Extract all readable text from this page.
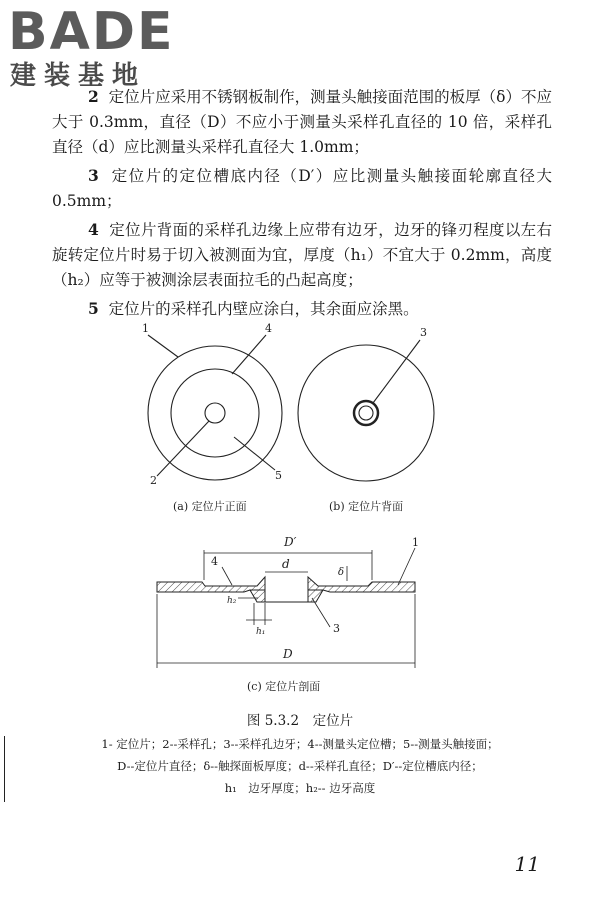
BADE
建装基地

2 定位片应采用不锈钢板制作，测量头触接面范围的板厚（δ）不应大于 0.3mm，直径（D）不应小于测量头采样孔直径的 10 倍，采样孔直径（d）应比测量头采样孔直径大 1.0mm；

3 定位片的定位槽底内径（D′）应比测量头触接面轮廓直径大 0.5mm；

4 定位片背面的采样孔边缘上应带有边牙，边牙的锋刃程度以左右旋转定位片时易于切入被测面为宜，厚度（h₁）不宜大于 0.2mm，高度（h₂）应等于被测涂层表面拉毛的凸起高度；

5 定位片的采样孔内壁应涂白，其余面应涂黑。

1	4
2	5
3
4
1
3
D′
d
δ
D
h₂
h₁
(a) 定位片正面	(b) 定位片背面
(c) 定位片剖面
图 5.3.2　定位片
1- 定位片；2--采样孔；3--采样孔边牙；4--测量头定位槽；5--测量头触接面；
D--定位片直径；δ--触探面板厚度；d--采样孔直径；D′--定位槽底内径；
h₁　边牙厚度；h₂-- 边牙高度
11
